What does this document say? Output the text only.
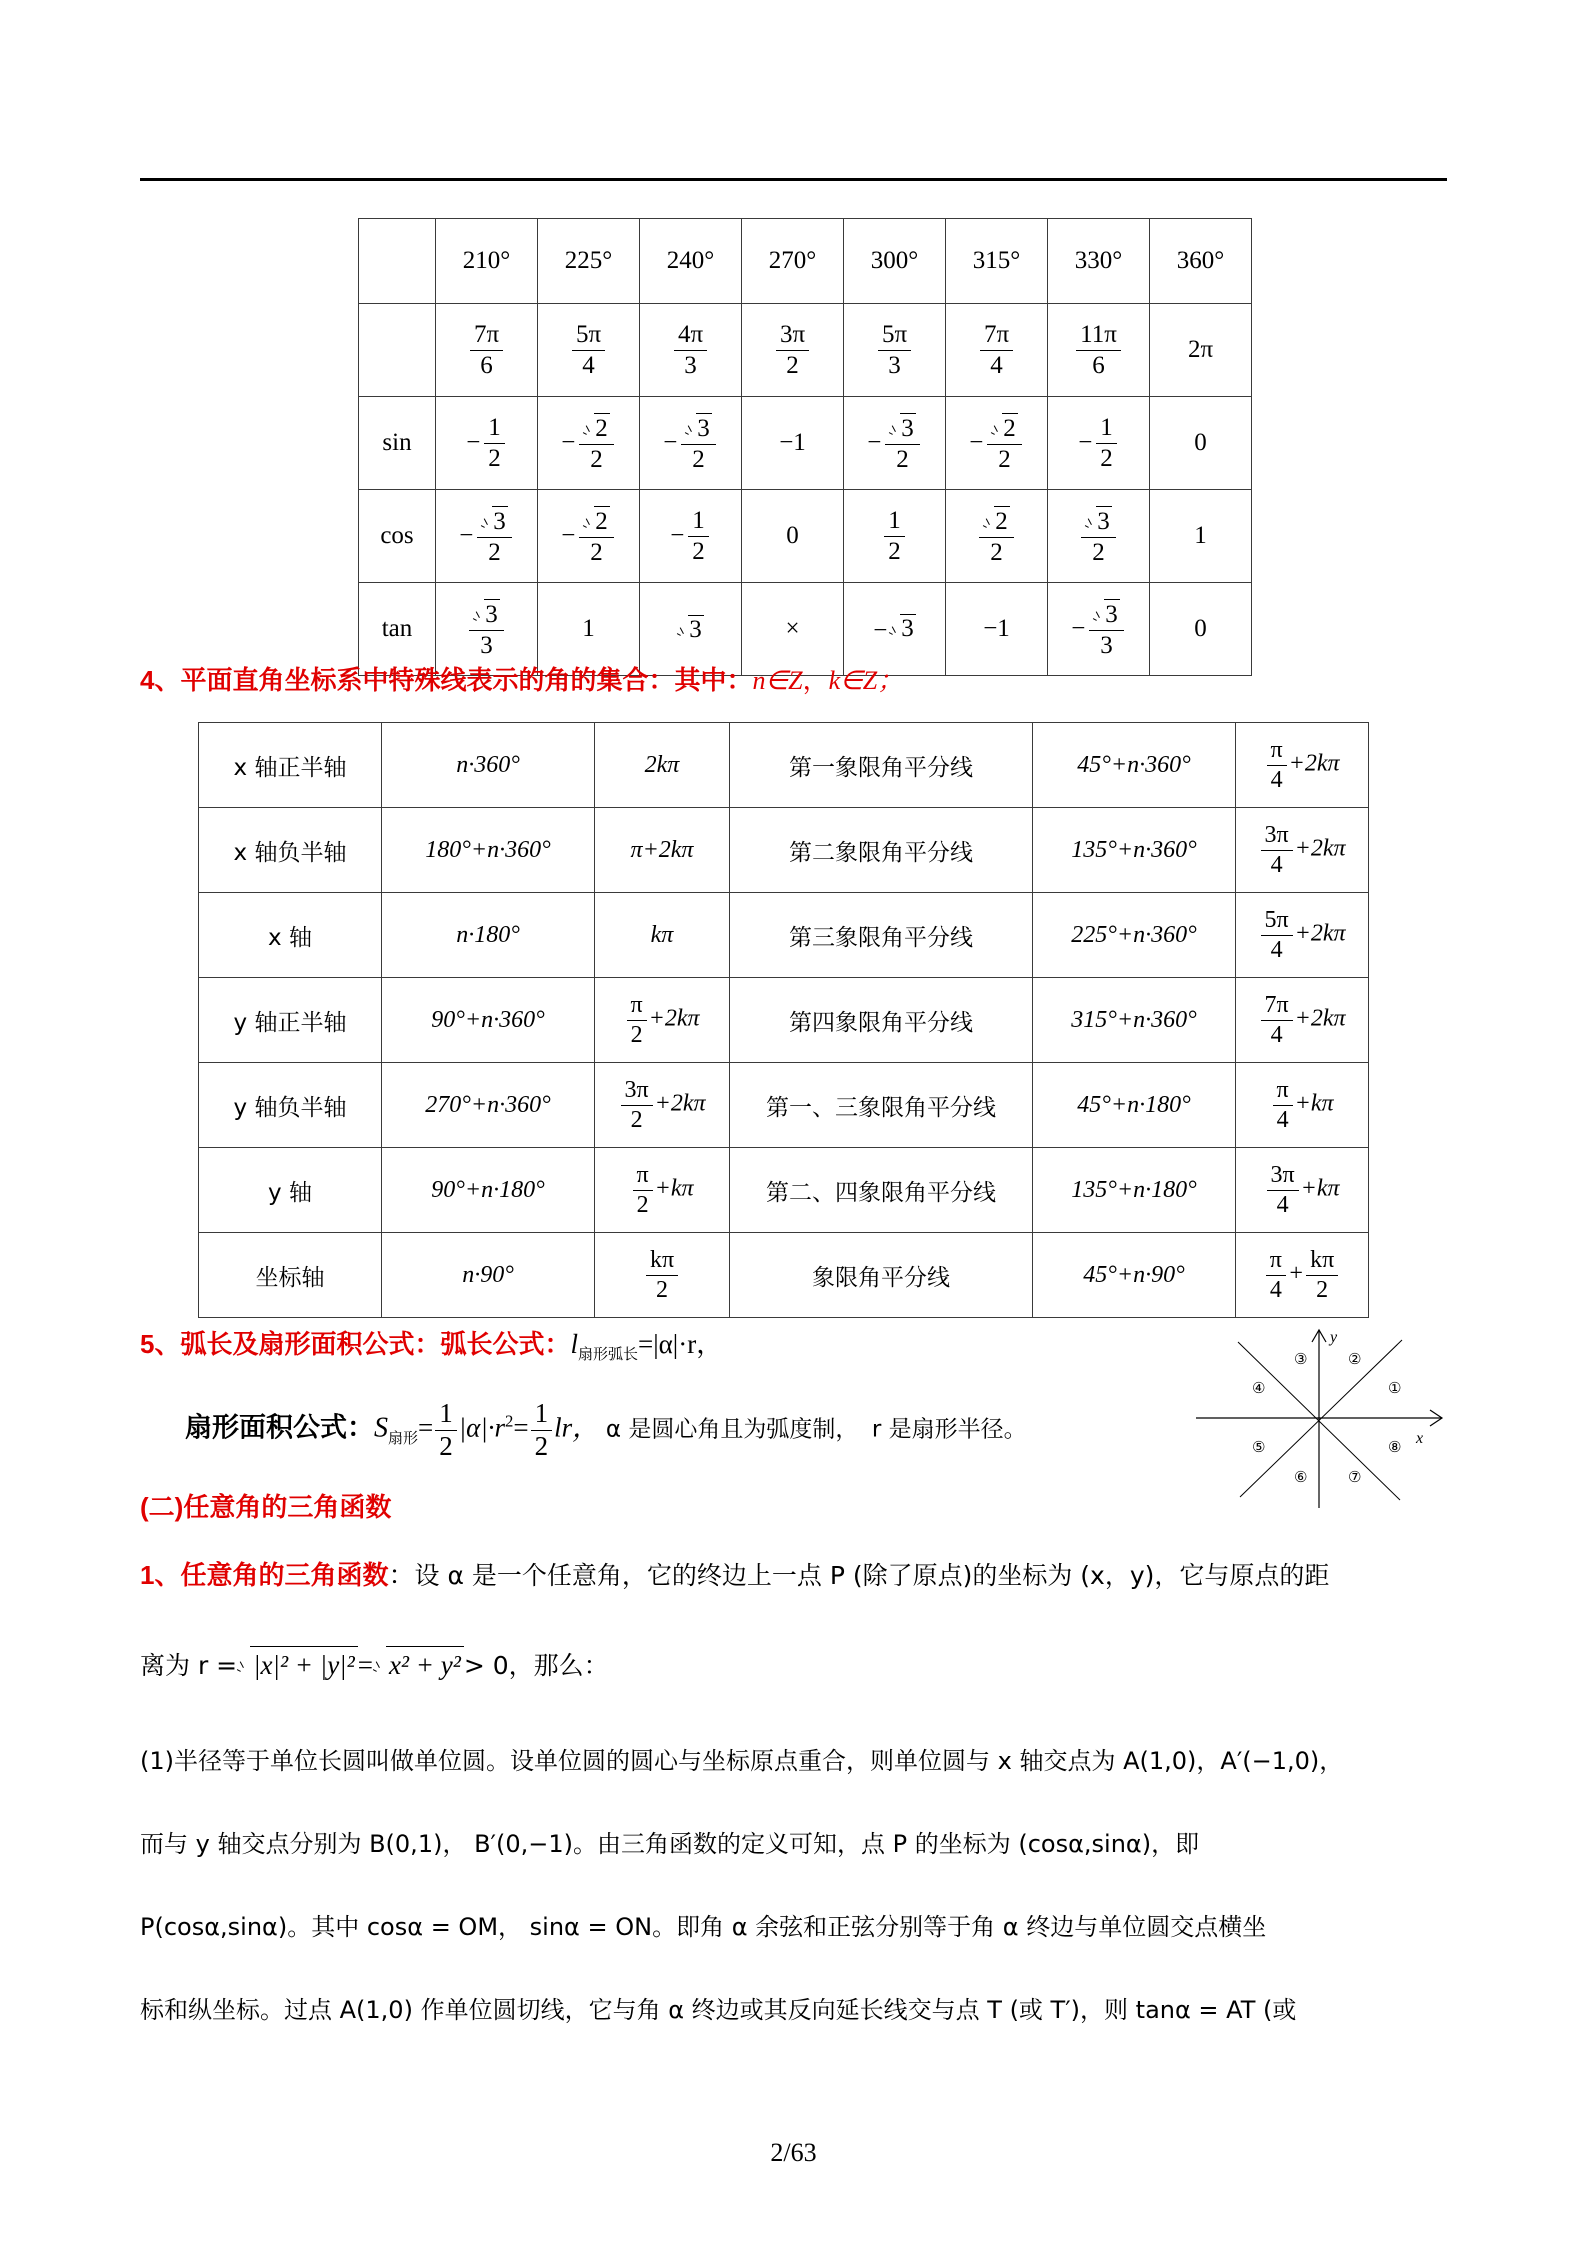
	210°	225°	240°	270°	300°	315°	330°	360°

	$\frac{7\pi}{6}$	$\frac{5\pi}{4}$	$\frac{4\pi}{3}$	$\frac{3\pi}{2}$	$\frac{5\pi}{3}$	$\frac{7\pi}{4}$	$\frac{11\pi}{6}$	2π
sin	− $\frac{1}{2}$	− $\frac{2}{2}$	− $\frac{3}{2}$	−1	− $\frac{3}{2}$	− $\frac{2}{2}$	− $\frac{1}{2}$	0
cos	− $\frac{3}{2}$	− $\frac{2}{2}$	− $\frac{1}{2}$	0	$\frac{1}{2}$	$\frac{2}{2}$	$\frac{3}{2}$	1
tan	$\frac{3}{3}$	1	3	×	− 3	−1	− $\frac{3}{3}$	0
4、平面直角坐标系中特殊线表示的角的集合：其中：n∈Z，k∈Z；
x 轴正半轴	n·360°	2kπ	第一象限角平分线	45°+n·360°	$\frac{\pi}{4} +2k\pi$
x 轴负半轴	180°+n·360°	π+2kπ	第二象限角平分线	135°+n·360°	$\frac{3\pi}{4} +2k\pi$
x 轴	n·180°	kπ	第三象限角平分线	225°+n·360°	$\frac{5\pi}{4} +2k\pi$
y 轴正半轴	90°+n·360°	$\frac{\pi}{2} +2k\pi$	第四象限角平分线	315°+n·360°	$\frac{7\pi}{4} +2k\pi$
y 轴负半轴	270°+n·360°	$\frac{3\pi}{2} +2k\pi$	第一、三象限角平分线	45°+n·180°	$\frac{\pi}{4} +k\pi$
y 轴	90°+n·180°	$\frac{\pi}{2} +k\pi$	第二、四象限角平分线	135°+n·180°	$\frac{3\pi}{4} +k\pi$
坐标轴	n·90°	$\frac{k\pi}{2}$	象限角平分线	45°+n·90°	$\frac{\pi}{4} + \frac{k\pi}{2}$
5、弧长及扇形面积公式：弧长公式：$l_{扇形弧长}=|\alpha|\cdot r$，
扇形面积公式：$S_{扇形}= \frac{1}{2} |\alpha|\cdot r^2= \frac{1}{2}$ lr， α 是圆心角且为弧度制， r 是扇形半径。
①
②
③
④
⑤
⑥	⑦
⑧
y
x
(二)任意角的三角函数
1、任意角的三角函数：设 α 是一个任意角，它的终边上一点 P (除了原点)的坐标为 (x，y)，它与原点的距
离为 r = |x|² + |y|² = x² + y² > 0，那么：
(1)半径等于单位长圆叫做单位圆。设单位圆的圆心与坐标原点重合，则单位圆与 x 轴交点为 A(1,0)，A′(−1,0)，
而与 y 轴交点分别为 B(0,1)， B′(0,−1)。由三角函数的定义可知，点 P 的坐标为 (cosα,sinα)，即
P(cosα,sinα)。其中 cosα = OM， sinα = ON。即角 α 余弦和正弦分别等于角 α 终边与单位圆交点横坐
标和纵坐标。过点 A(1,0) 作单位圆切线，它与角 α 终边或其反向延长线交与点 T (或 T′)，则 tanα = AT (或
2/63
